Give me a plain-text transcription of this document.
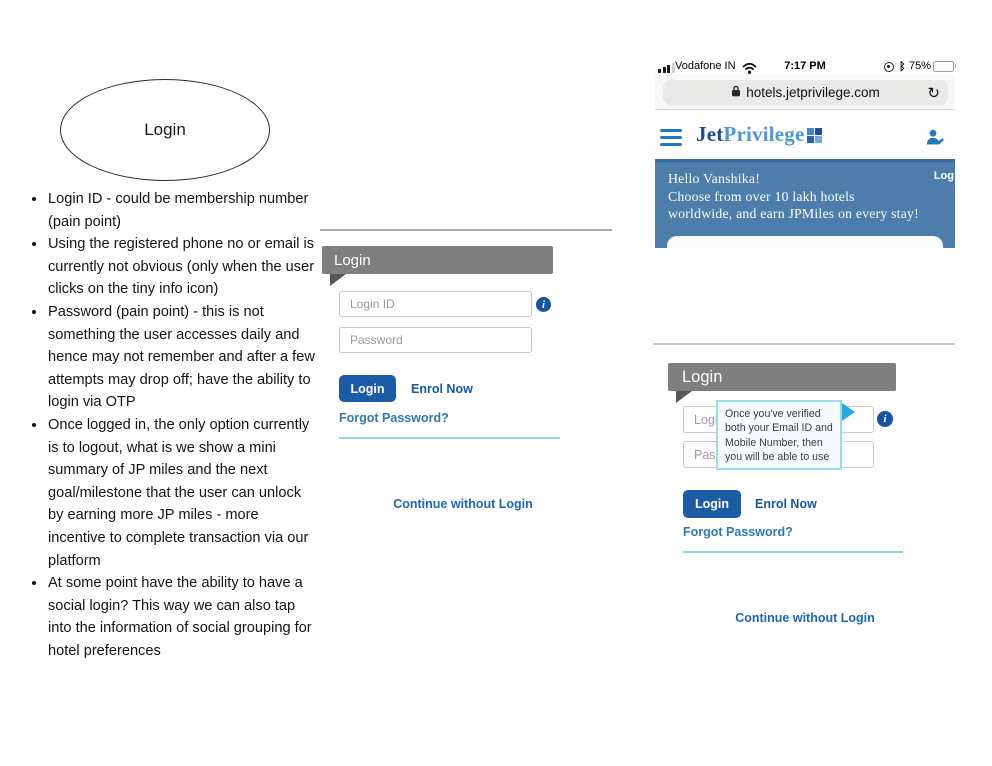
Login
• Login ID - could be membership number (pain point)
• Using the registered phone no or email is currently not obvious (only when the user clicks on the tiny info icon)
• Password (pain point) - this is not something the user accesses daily and hence may not remember and after a few attempts may drop off; have the ability to login via OTP
• Once logged in, the only option currently is to logout, what is we show a mini summary of JP miles and the next goal/milestone that the user can unlock by earning more JP miles - more incentive to complete transaction via our platform
• At some point have the ability to have a social login? This way we can also tap into the information of social grouping for hotel preferences
Login
Login ID
i
Login	Enrol Now
Forgot Password?
Continue without Login
Vodafone IN	7:17 PM	ᛒ 75%
hotels.jetprivilege.com	↻
Jet Privilege
Hello Vanshika!
Choose from over 10 lakh hotels
worldwide, and earn JPMiles on every stay!
Log
Login
Login ID
i
Once you've verified
both your Email ID and
Mobile Number, then
you will be able to use
Login	Enrol Now
Forgot Password?
Continue without Login
